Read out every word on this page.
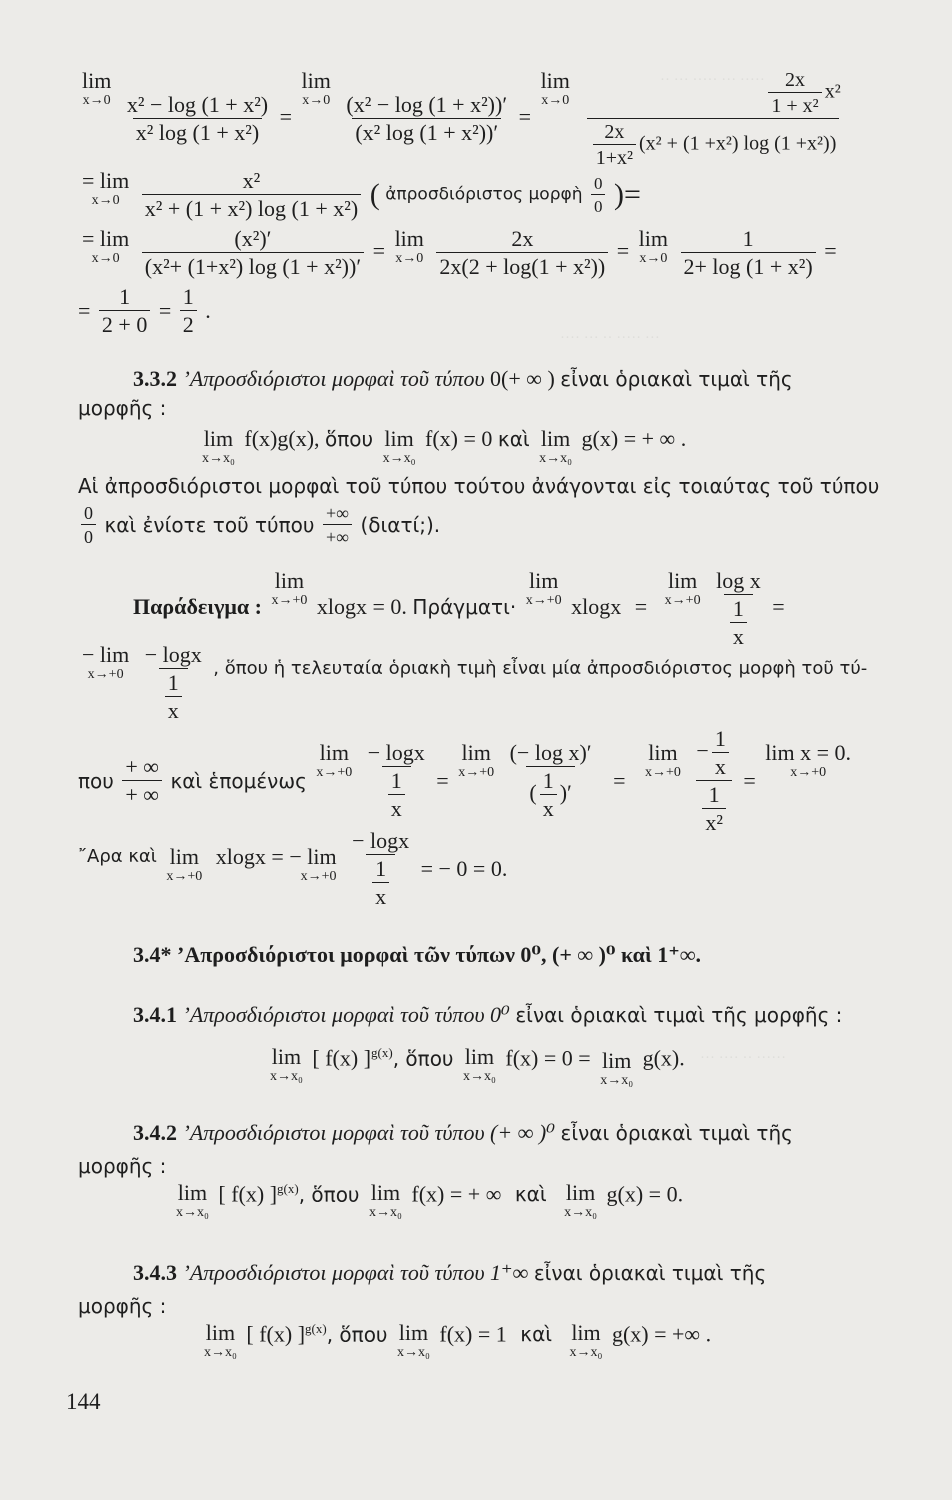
·· ··· ····· ··· ·····
···· ··· ·· ····· ···
··· ···· ·· ······
lim
x→0
$\frac{\text{x² − log (1 + x²)}}{\text{x² log (1 + x²)}}$ =
lim
x→0
$\frac{\text{(x² − log (1 + x²))′}}{\text{(x² log (1 + x²))′}}$ =
lim
x→0
$\frac{\frac{2x}{\text{1 + x²}} x^2}{\frac{2x}{\text{1+x²}} (x^2 + (1 +x^2) \log (1 +x^2))}$
= lim
x→0
$\frac{\text{x²}}{\text{x² + (1 + x²) log (1 + x²)}}$ ( ἀπροσδιόριστος μορφὴ $\frac{0}{0}$ )=
= lim
x→0
$\frac{\text{(x²)′}}{\text{(x²+ (1+x²) log (1 + x²))′}} = \lim$
x→0
$\frac{2x}{\text{2x(2 + log(1 + x²))}} = \lim$
x→0
$\frac{1}{\text{2+ log (1 + x²)}}$ =
= $\frac{1}{2 + 0} = \frac{1}{2}$ .
3.3.2 ’Απροσδιόριστοι μορφαὶ τοῦ τύπου 0(+ ∞ ) εἶναι ὁριακαὶ τιμαὶ τῆς
μορφῆς :
lim
x→x₀
f(x)g(x), ὅπου lim
x→x₀
f(x) = 0 καὶ lim
x→x₀
g(x) = + ∞ .
Αἱ ἀπροσδιόριστοι μορφαὶ τοῦ τύπου τούτου ἀνάγονται εἰς τοιαύτας τοῦ τύπου
$\frac{0}{0}$ καὶ ἐνίοτε τοῦ τύπου $\frac{+\infty}{+\infty}$ (διατί;).
Παράδειγμα :
lim
x→+0 xlogx = 0. Πράγματι·
lim
x→+0 xlogx =
lim
x→+0
$\frac{\text{log x}}{\frac{1}{x}}$ =
− lim
x→+0
$\frac{- \log x}{\frac{1}{x}} ^{, ὅ\pi o\upsilon ἡ \tau\varepsilon\lambda\varepsilon\upsilon\tau\alpha ί\alpha ὁ\rho\iota\alpha\kappa ὴ \tau\iota\mu ὴ \varepsilon ἶ\nu\alpha\iota \mu ί\alpha ἀ\pi\rho o\sigma\delta\iota ό\rho\iota\sigma\tau o\varsigma \mu o\rho\varphi ὴ \tau oῦ \tau ύ-}$
που $\frac{+ \infty}{+ \infty}$ καὶ ἑπομένως
lim
x→+0
$\frac{- \log x}{\frac{1}{x}}$ =
lim
x→+0
$\frac{\text{(− log x)′}}{( \frac{1}{x} )'}$ =
lim
x→+0
$\frac{- \frac{1}{x}}{\frac{1}{\text{x²}}}$ =
lim x = 0.
x→+0
῎Αρα καὶ lim
x→+0

xlogx = − lim
x→+0
$\frac{- \log x}{\frac{1}{x}}$ = − 0 = 0.
3.4* ’Απροσδιόριστοι μορφαὶ τῶν τύπων 0⁰, (+ ∞ )⁰ καὶ 1⁺∞.
3.4.1 ’Απροσδιόριστοι μορφαὶ τοῦ τύπου 0⁰ εἶναι ὁριακαὶ τιμαὶ τῆς μορφῆς :
lim
x→x₀
[ f(x) ]$^{g(x)}$, ὅπου lim
x→x₀
f(x) = 0 = lim
x→x₀
g(x).
3.4.2 ’Απροσδιόριστοι μορφαὶ τοῦ τύπου (+ ∞ )⁰ εἶναι ὁριακαὶ τιμαὶ τῆς
μορφῆς :
lim
x→x₀
[ f(x) ]$^{g(x)}$, ὅπου lim
x→x₀
f(x) = + ∞ καὶ lim
x→x₀
g(x) = 0.
3.4.3 ’Απροσδιόριστοι μορφαὶ τοῦ τύπου 1⁺∞ εἶναι ὁριακαὶ τιμαὶ τῆς
μορφῆς :
lim
x→x₀
[ f(x) ]$^{g(x)}$, ὅπου lim
x→x₀
f(x) = 1 καὶ lim
x→x₀
g(x) = +∞ .
144
